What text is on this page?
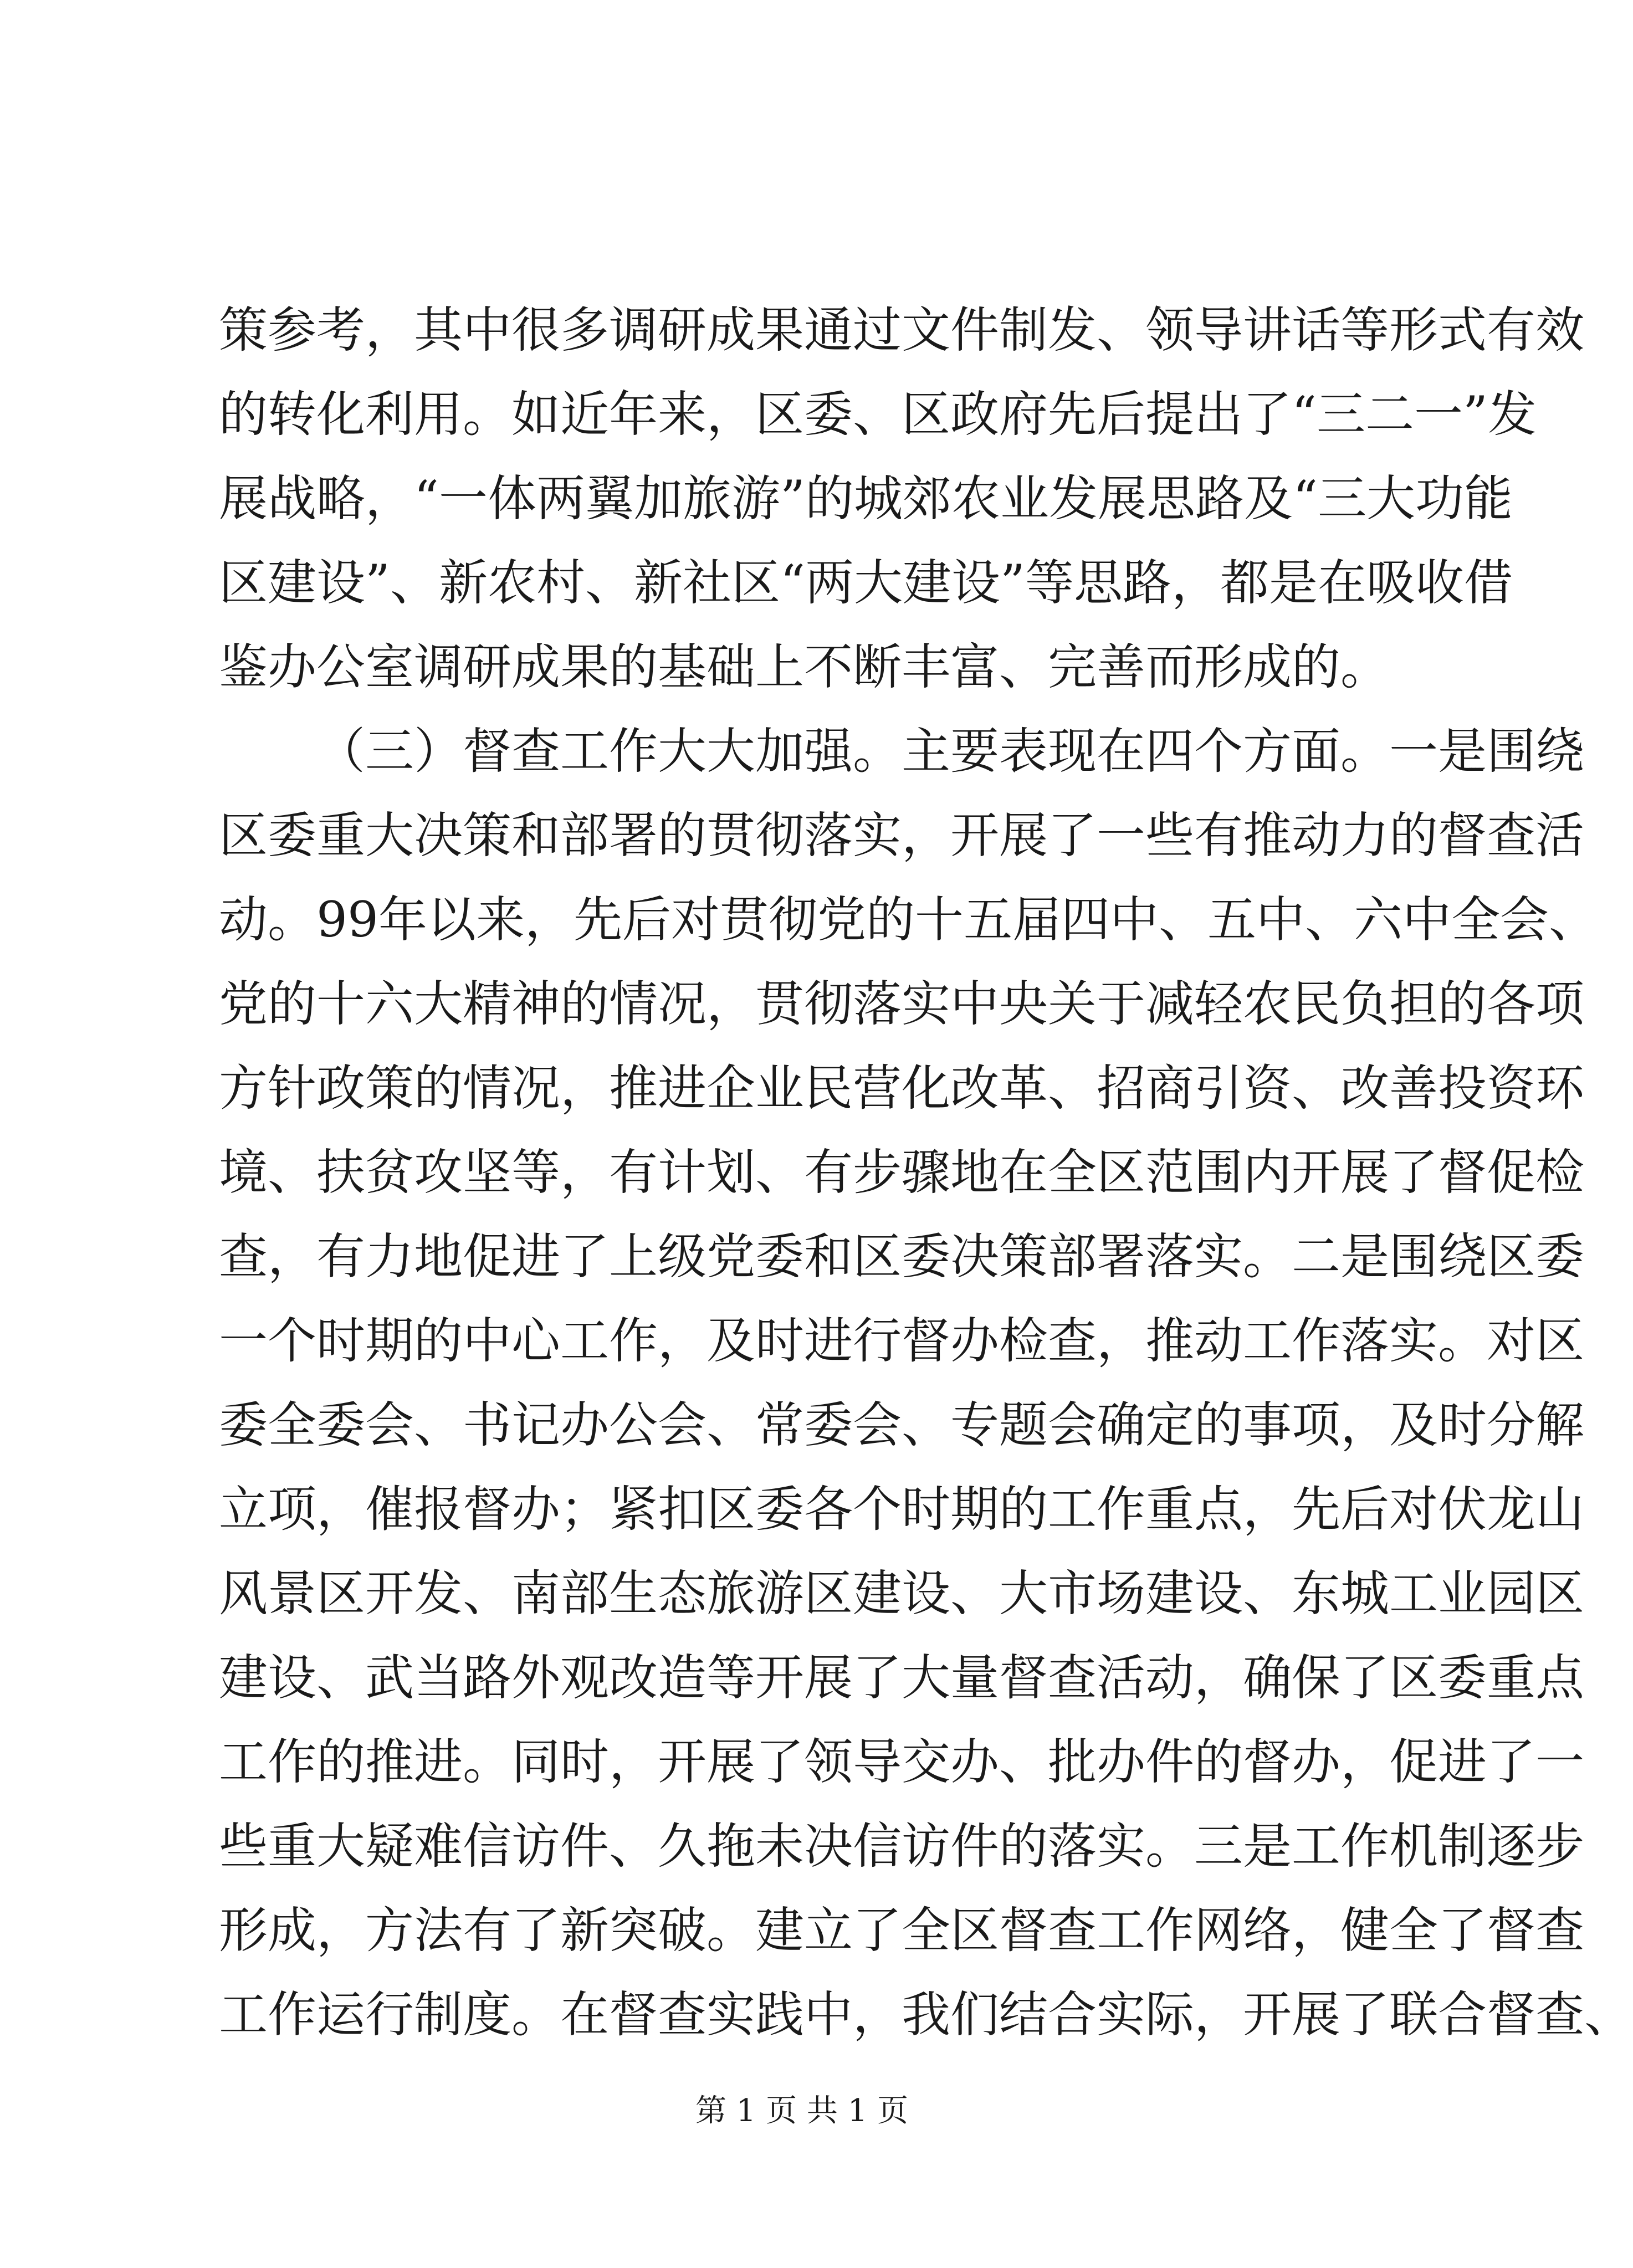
策参考，其中很多调研成果通过文件制发、领导讲话等形式有效
的转化利用。如近年来，区委、区政府先后提出了“三二一”发
展战略，“一体两翼加旅游”的城郊农业发展思路及“三大功能
区建设”、新农村、新社区“两大建设”等思路，都是在吸收借
鉴办公室调研成果的基础上不断丰富、完善而形成的。
（三）督查工作大大加强。主要表现在四个方面。一是围绕
区委重大决策和部署的贯彻落实，开展了一些有推动力的督查活
动。99年以来，先后对贯彻党的十五届四中、五中、六中全会、
党的十六大精神的情况，贯彻落实中央关于减轻农民负担的各项
方针政策的情况，推进企业民营化改革、招商引资、改善投资环
境、扶贫攻坚等，有计划、有步骤地在全区范围内开展了督促检
查，有力地促进了上级党委和区委决策部署落实。二是围绕区委
一个时期的中心工作，及时进行督办检查，推动工作落实。对区
委全委会、书记办公会、常委会、专题会确定的事项，及时分解
立项，催报督办；紧扣区委各个时期的工作重点，先后对伏龙山
风景区开发、南部生态旅游区建设、大市场建设、东城工业园区
建设、武当路外观改造等开展了大量督查活动，确保了区委重点
工作的推进。同时，开展了领导交办、批办件的督办，促进了一
些重大疑难信访件、久拖未决信访件的落实。三是工作机制逐步
形成，方法有了新突破。建立了全区督查工作网络，健全了督查
工作运行制度。在督查实践中，我们结合实际，开展了联合督查、
第 1 页 共 1 页
